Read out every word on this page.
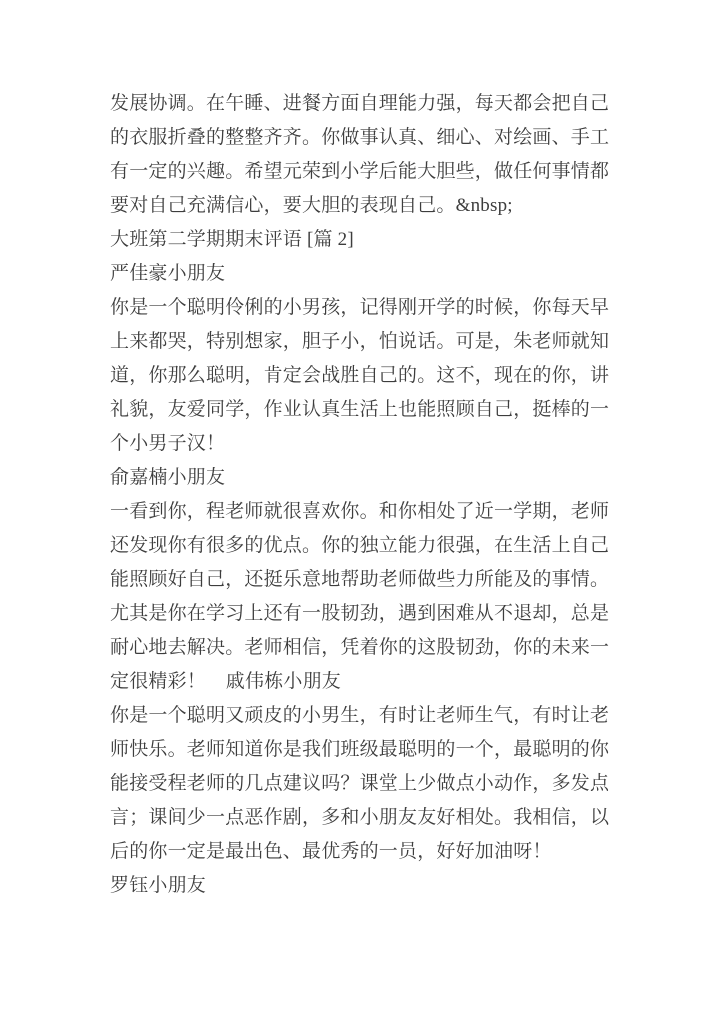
发展协调。在午睡、进餐方面自理能力强，每天都会把自己
的衣服折叠的整整齐齐。你做事认真、细心、对绘画、手工
有一定的兴趣。希望元荣到小学后能大胆些，做任何事情都
要对自己充满信心，要大胆的表现自己。&nbsp;
大班第二学期期末评语 [篇 2]
严佳豪小朋友
你是一个聪明伶俐的小男孩，记得刚开学的时候，你每天早
上来都哭，特别想家，胆子小，怕说话。可是，朱老师就知
道，你那么聪明，肯定会战胜自己的。这不，现在的你，讲
礼貌，友爱同学，作业认真生活上也能照顾自己，挺棒的一
个小男子汉！
俞嘉楠小朋友
一看到你，程老师就很喜欢你。和你相处了近一学期，老师
还发现你有很多的优点。你的独立能力很强，在生活上自己
能照顾好自己，还挺乐意地帮助老师做些力所能及的事情。
尤其是你在学习上还有一股韧劲，遇到困难从不退却，总是
耐心地去解决。老师相信，凭着你的这股韧劲，你的未来一
定很精彩！    戚伟栋小朋友
你是一个聪明又顽皮的小男生，有时让老师生气，有时让老
师快乐。老师知道你是我们班级最聪明的一个，最聪明的你
能接受程老师的几点建议吗？课堂上少做点小动作，多发点
言；课间少一点恶作剧，多和小朋友友好相处。我相信，以
后的你一定是最出色、最优秀的一员，好好加油呀！
罗钰小朋友
